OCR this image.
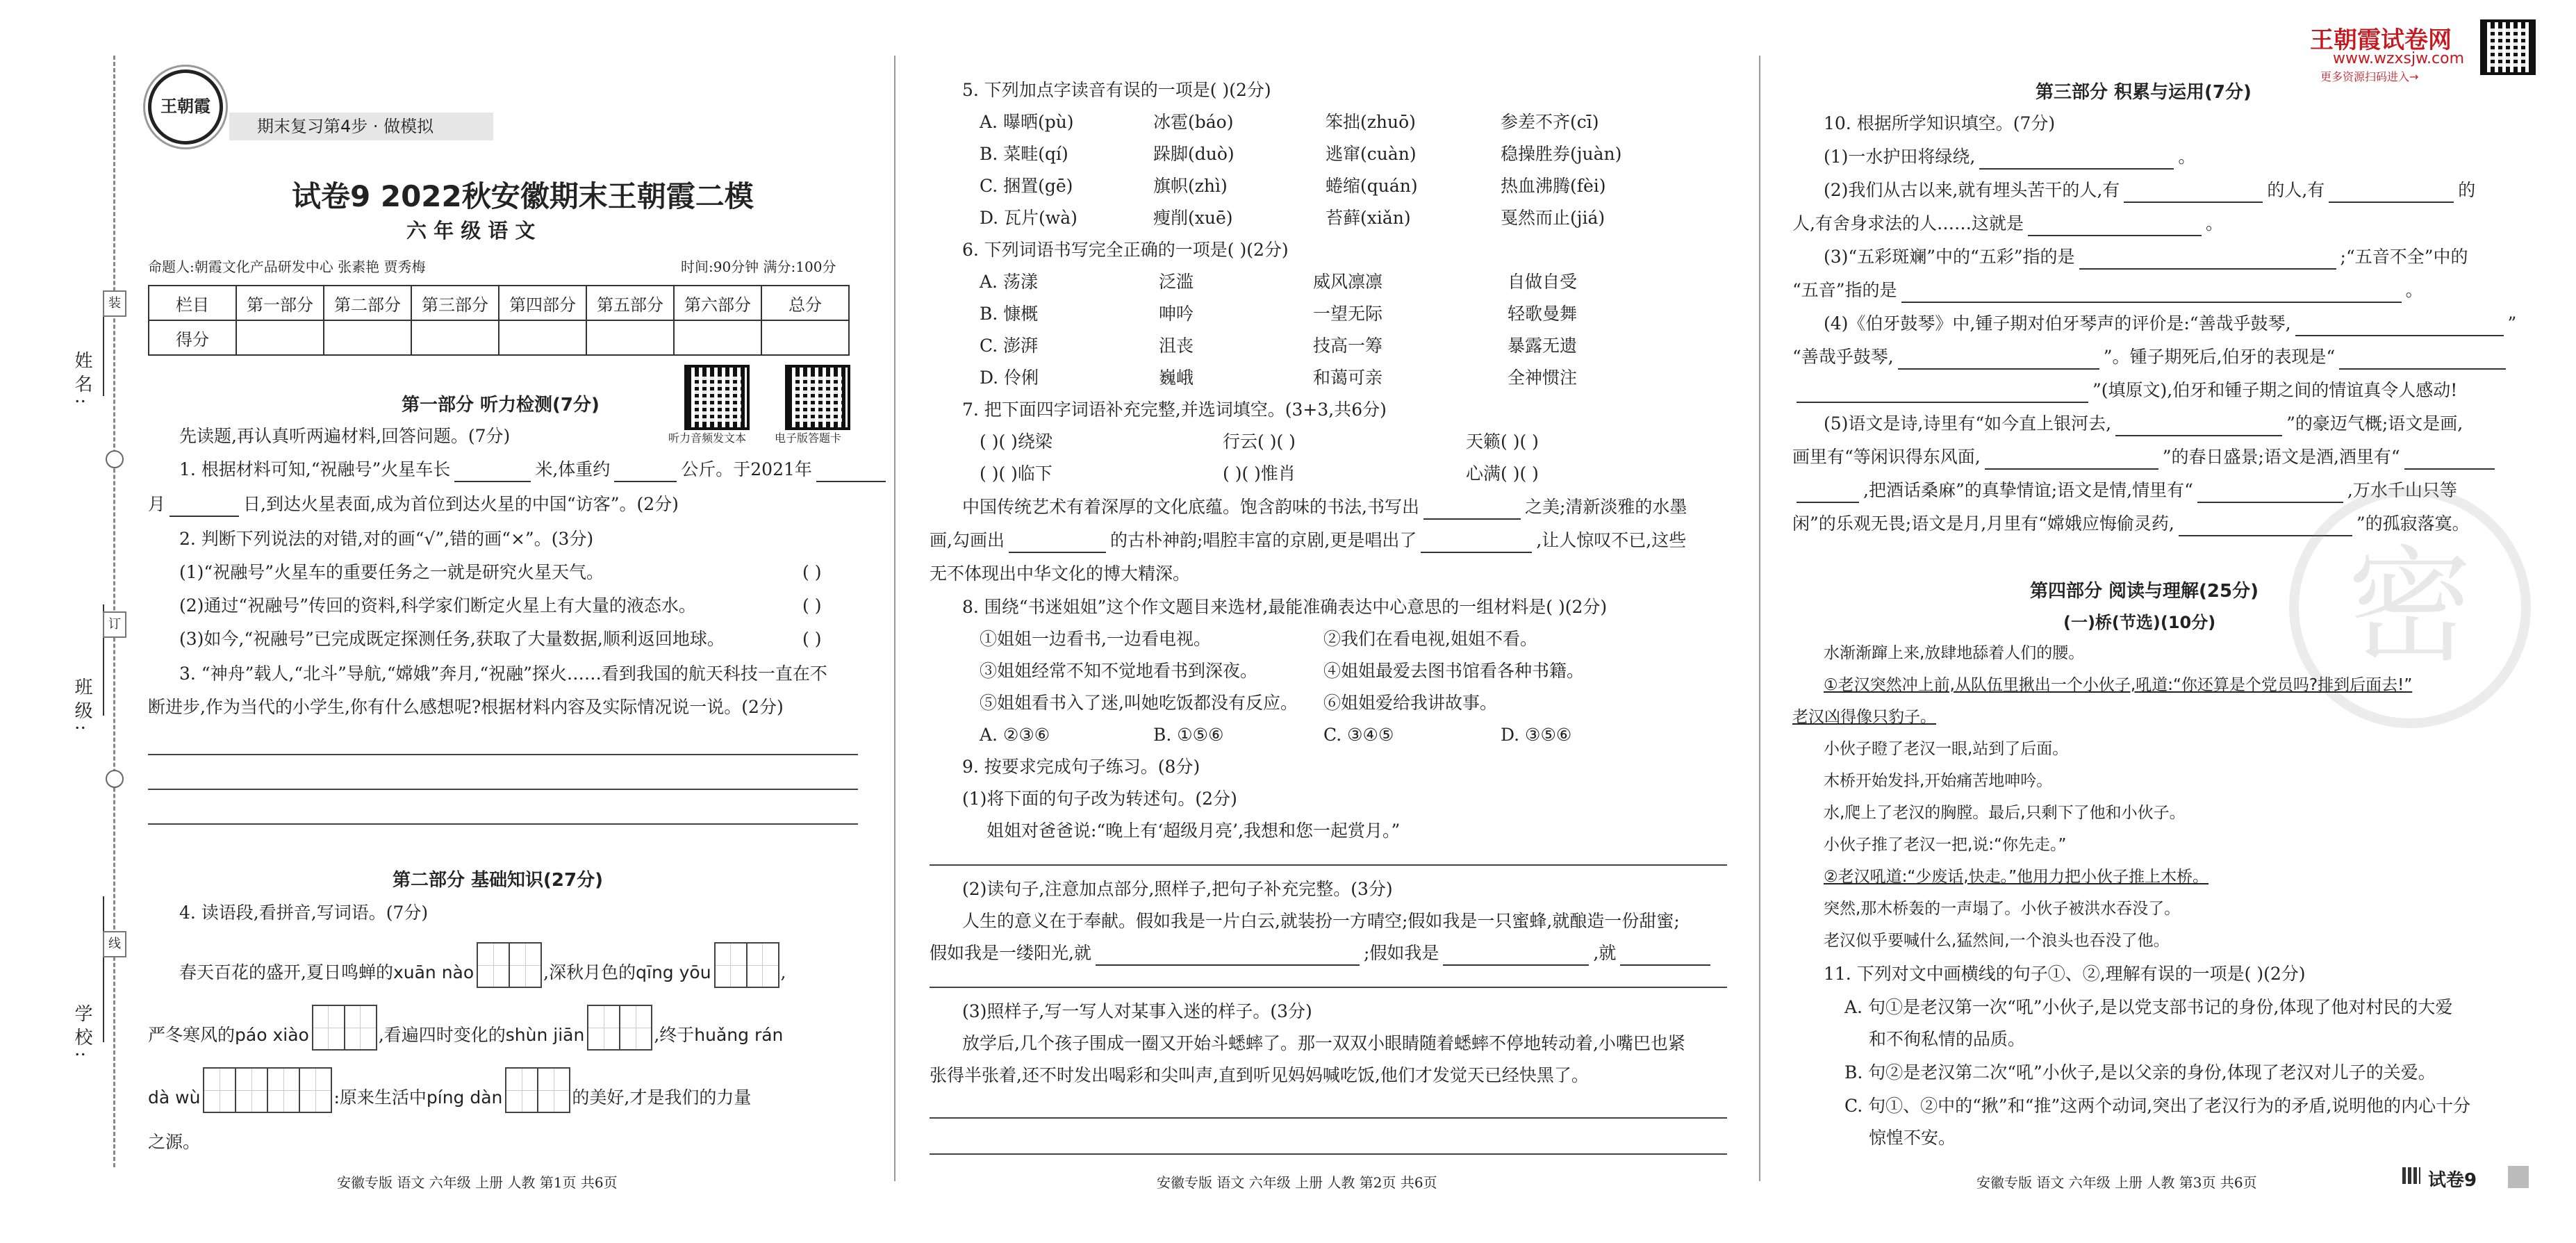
姓名:
班级:
学校:
装
订
线
王朝霞
期末复习第4步 · 做模拟
试卷9 2022秋安徽期末王朝霞二模
六 年 级 语 文
命题人:朝霞文化产品研发中心 张素艳 贾秀梅	时间:90分钟 满分:100分
栏目	第一部分	第二部分	第三部分	第四部分	第五部分	第六部分	总分
得分							
听力音频发文本	电子版答题卡
第一部分 听力检测(7分)
先读题,再认真听两遍材料,回答问题。(7分)
1. 根据材料可知,“祝融号”火星车长	米,体重约	公斤。于2021年
月	日,到达火星表面,成为首位到达火星的中国“访客”。(2分)
2. 判断下列说法的对错,对的画“√”,错的画“×”。(3分)
(1)“祝融号”火星车的重要任务之一就是研究火星天气。	( )
(2)通过“祝融号”传回的资料,科学家们断定火星上有大量的液态水。	( )
(3)如今,“祝融号”已完成既定探测任务,获取了大量数据,顺利返回地球。	( )
3. “神舟”载人,“北斗”导航,“嫦娥”奔月,“祝融”探火……看到我国的航天科技一直在不
断进步,作为当代的小学生,你有什么感想呢?根据材料内容及实际情况说一说。(2分)
第二部分 基础知识(27分)
4. 读语段,看拼音,写词语。(7分)
春天百花的盛开,夏日鸣蝉的xuān nào	,深秋月色的qīng yōu	,
严冬寒风的páo xiào	,看遍四时变化的shùn jiān	,终于huǎng rán
dà wù	:原来生活中píng dàn	的美好,才是我们的力量
之源。
安徽专版 语文 六年级 上册 人教 第1页 共6页
5. 下列加点字读音有误的一项是( )(2分)
A. 曝晒(pù)	冰雹(báo)	笨拙(zhuō)	参差不齐(cī)
B. 菜畦(qí)	跺脚(duò)	逃窜(cuàn)	稳操胜券(juàn)
C. 捆置(gē)	旗帜(zhì)	蜷缩(quán)	热血沸腾(fèi)
D. 瓦片(wà)	瘦削(xuē)	苔藓(xiǎn)	戛然而止(jiá)
6. 下列词语书写完全正确的一项是( )(2分)
A. 荡漾	泛滥	威风凛凛	自做自受
B. 慷概	呻吟	一望无际	轻歌曼舞
C. 澎湃	沮丧	技高一筹	暴露无遗
D. 伶俐	巍峨	和蔼可亲	全神惯注
7. 把下面四字词语补充完整,并选词填空。(3+3,共6分)
( )( )绕梁	行云( )( )	天籁( )( )
( )( )临下	( )( )惟肖	心满( )( )
中国传统艺术有着深厚的文化底蕴。饱含韵味的书法,书写出	之美;清新淡雅的水墨
画,勾画出	的古朴神韵;唱腔丰富的京剧,更是唱出了	,让人惊叹不已,这些
无不体现出中华文化的博大精深。
8. 围绕“书迷姐姐”这个作文题目来选材,最能准确表达中心意思的一组材料是( )(2分)
①姐姐一边看书,一边看电视。	②我们在看电视,姐姐不看。
③姐姐经常不知不觉地看书到深夜。	④姐姐最爱去图书馆看各种书籍。
⑤姐姐看书入了迷,叫她吃饭都没有反应。 ⑥姐姐爱给我讲故事。
A. ②③⑥	B. ①⑤⑥	C. ③④⑤	D. ③⑤⑥
9. 按要求完成句子练习。(8分)
(1)将下面的句子改为转述句。(2分)
姐姐对爸爸说:“晚上有‘超级月亮’,我想和您一起赏月。”
(2)读句子,注意加点部分,照样子,把句子补充完整。(3分)
人生的意义在于奉献。假如我是一片白云,就装扮一方晴空;假如我是一只蜜蜂,就酿造一份甜蜜;
假如我是一缕阳光,就	;假如我是	,就
(3)照样子,写一写人对某事入迷的样子。(3分)
放学后,几个孩子围成一圈又开始斗蟋蟀了。那一双双小眼睛随着蟋蟀不停地转动着,小嘴巴也紧
张得半张着,还不时发出喝彩和尖叫声,直到听见妈妈喊吃饭,他们才发觉天已经快黑了。
安徽专版 语文 六年级 上册 人教 第2页 共6页
王朝霞试卷网
www.wzxsjw.com
更多资源扫码进入→
第三部分 积累与运用(7分)
10. 根据所学知识填空。(7分)
(1)一水护田将绿绕,	。
(2)我们从古以来,就有埋头苦干的人,有	的人,有	的
人,有舍身求法的人……这就是	。
(3)“五彩斑斓”中的“五彩”指的是	;“五音不全”中的
“五音”指的是	。
(4)《伯牙鼓琴》中,锺子期对伯牙琴声的评价是:“善哉乎鼓琴,	”
“善哉乎鼓琴,	”。锺子期死后,伯牙的表现是“
”(填原文),伯牙和锺子期之间的情谊真令人感动!
(5)语文是诗,诗里有“如今直上银河去,	”的豪迈气概;语文是画,
画里有“等闲识得东风面,	”的春日盛景;语文是酒,酒里有“
,把酒话桑麻”的真挚情谊;语文是情,情里有“	,万水千山只等
闲”的乐观无畏;语文是月,月里有“嫦娥应悔偷灵药,	”的孤寂落寞。
密
第四部分 阅读与理解(25分)
(一)桥(节选)(10分)
水渐渐蹿上来,放肆地舔着人们的腰。
①老汉突然冲上前,从队伍里揪出一个小伙子,吼道:“你还算是个党员吗?排到后面去!”
老汉凶得像只豹子。
小伙子瞪了老汉一眼,站到了后面。
木桥开始发抖,开始痛苦地呻吟。
水,爬上了老汉的胸膛。最后,只剩下了他和小伙子。
小伙子推了老汉一把,说:“你先走。”
②老汉吼道:“少废话,快走。”他用力把小伙子推上木桥。
突然,那木桥轰的一声塌了。小伙子被洪水吞没了。
老汉似乎要喊什么,猛然间,一个浪头也吞没了他。
11. 下列对文中画横线的句子①、②,理解有误的一项是( )(2分)
A. 句①是老汉第一次“吼”小伙子,是以党支部书记的身份,体现了他对村民的大爱
和不徇私情的品质。
B. 句②是老汉第二次“吼”小伙子,是以父亲的身份,体现了老汉对儿子的关爱。
C. 句①、②中的“揪”和“推”这两个动词,突出了老汉行为的矛盾,说明他的内心十分
惊惶不安。
安徽专版 语文 六年级 上册 人教 第3页 共6页	试卷9
